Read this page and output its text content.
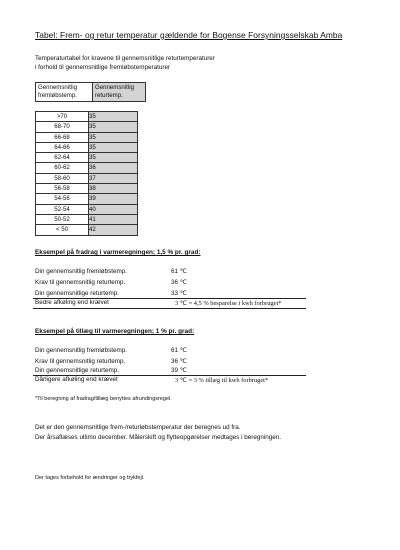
Tabel: Frem- og retur temperatur gældende for Bogense Forsyningsselskab Amba
Temperaturtabel for kravene til gennemsnitlige returtemperaturer
i forhold til gennemsnitlige fremløbstemperaturer
Gennemsnitlig
fremløbstemp.

Gennemsnitlig
returtemp.
>70	35
68-70	35
66-68	35
64-66	35
62-64	35
60-62	36
58-60	37
56-58	38
54-56	39
52-54	40
50-52	41
< 50	42
Eksempel på fradrag i varmeregningen; 1,5 % pr. grad:
Din gennemsnitlig fremløbstemp.	61 ℃
Krav til gennemsnitlig returtemp.	36 ℃
Din gennemsnitlige returtemp.	33 ℃
Bedre afkøling end krævet	3 ℃ = 4,5 % besparelse i kwh forbruget*
Eksempel på tillæg til varmeregningen; 1 % pr. grad:
Din gennemsnitlig fremløbstemp.	61 ℃
Krav til gennemsnitlig returtemp.	36 ℃
Din gennemsnitlige returtemp.	39 ℃
Dårligere afkøling end krævet	3 ℃ = 3 % tillæg til kwh forbruget*
*Til beregning af fradrag/tillæg benyttes afrundingsregel.
Det er den gennemsnitlige frem-/returløbstemperatur der beregnes ud fra.
Der årsaflæses ultimo december. Målerskift og flytteopgørelser medtages i beregningen.
Der tages forbehold for ændringer og trykfejl.
